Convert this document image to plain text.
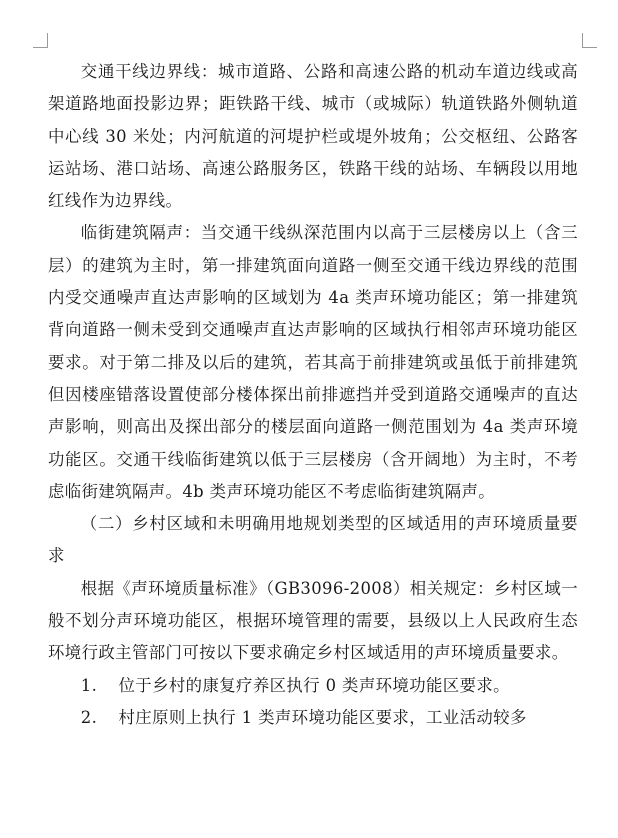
交通干线边界线：城市道路、公路和高速公路的机动车道边线或高架道路地面投影边界；距铁路干线、城市（或城际）轨道铁路外侧轨道中心线 30 米处；内河航道的河堤护栏或堤外坡角；公交枢纽、公路客运站场、港口站场、高速公路服务区，铁路干线的站场、车辆段以用地红线作为边界线。

临街建筑隔声：当交通干线纵深范围内以高于三层楼房以上（含三层）的建筑为主时，第一排建筑面向道路一侧至交通干线边界线的范围内受交通噪声直达声影响的区域划为 4a 类声环境功能区；第一排建筑背向道路一侧未受到交通噪声直达声影响的区域执行相邻声环境功能区要求。对于第二排及以后的建筑，若其高于前排建筑或虽低于前排建筑但因楼座错落设置使部分楼体探出前排遮挡并受到道路交通噪声的直达声影响，则高出及探出部分的楼层面向道路一侧范围划为 4a 类声环境功能区。交通干线临街建筑以低于三层楼房（含开阔地）为主时，不考虑临街建筑隔声。4b 类声环境功能区不考虑临街建筑隔声。

（二）乡村区域和未明确用地规划类型的区域适用的声环境质量要求

根据《声环境质量标准》（GB3096-2008）相关规定：乡村区域一般不划分声环境功能区，根据环境管理的需要，县级以上人民政府生态环境行政主管部门可按以下要求确定乡村区域适用的声环境质量要求。

1. 位于乡村的康复疗养区执行 0 类声环境功能区要求。

2. 村庄原则上执行 1 类声环境功能区要求，工业活动较多
